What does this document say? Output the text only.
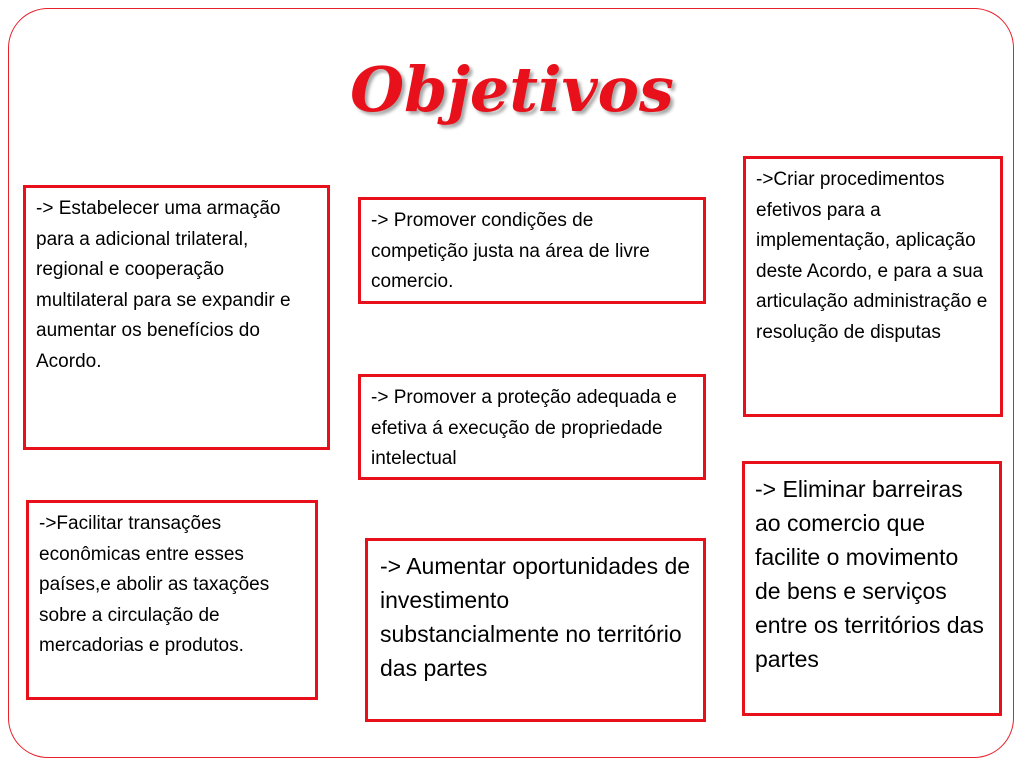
Objetivos

-> Estabelecer uma armação para a adicional trilateral, regional e cooperação multilateral para se expandir e aumentar os benefícios do Acordo.

-> Promover condições de competição justa na área de livre comercio.

-> Promover a proteção adequada e efetiva á execução de propriedade intelectual

->Criar procedimentos efetivos para a implementação, aplicação deste Acordo, e para a sua articulação administração e resolução de disputas

->Facilitar transações econômicas entre esses países,e abolir as taxações sobre a circulação de mercadorias e produtos.

-> Aumentar oportunidades de investimento substancialmente no território das partes

-> Eliminar barreiras ao comercio que facilite o movimento de bens e serviços entre os territórios das partes
